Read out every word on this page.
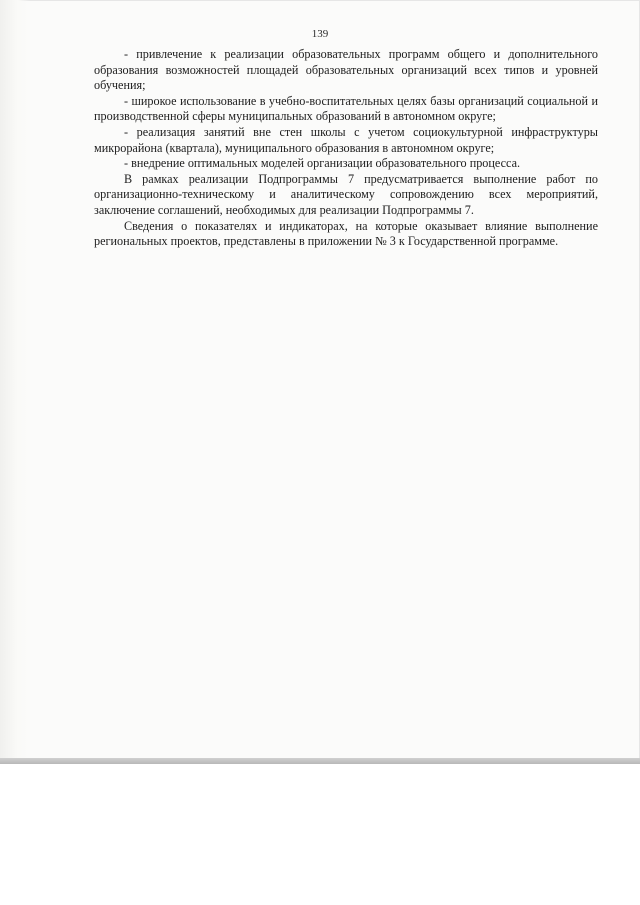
139

- привлечение к реализации образовательных программ общего и дополнительного образования возможностей площадей образовательных организаций всех типов и уровней обучения;

- широкое использование в учебно-воспитательных целях базы организаций социальной и производственной сферы муниципальных образований в автономном округе;

- реализация занятий вне стен школы с учетом социокультурной инфраструктуры микрорайона (квартала), муниципального образования в автономном округе;

- внедрение оптимальных моделей организации образовательного процесса.

В рамках реализации Подпрограммы 7 предусматривается выполнение работ по организационно-техническому и аналитическому сопровождению всех мероприятий, заключение соглашений, необходимых для реализации Подпрограммы 7.

Сведения о показателях и индикаторах, на которые оказывает влияние выполнение региональных проектов, представлены в приложении № 3 к Государственной программе.
